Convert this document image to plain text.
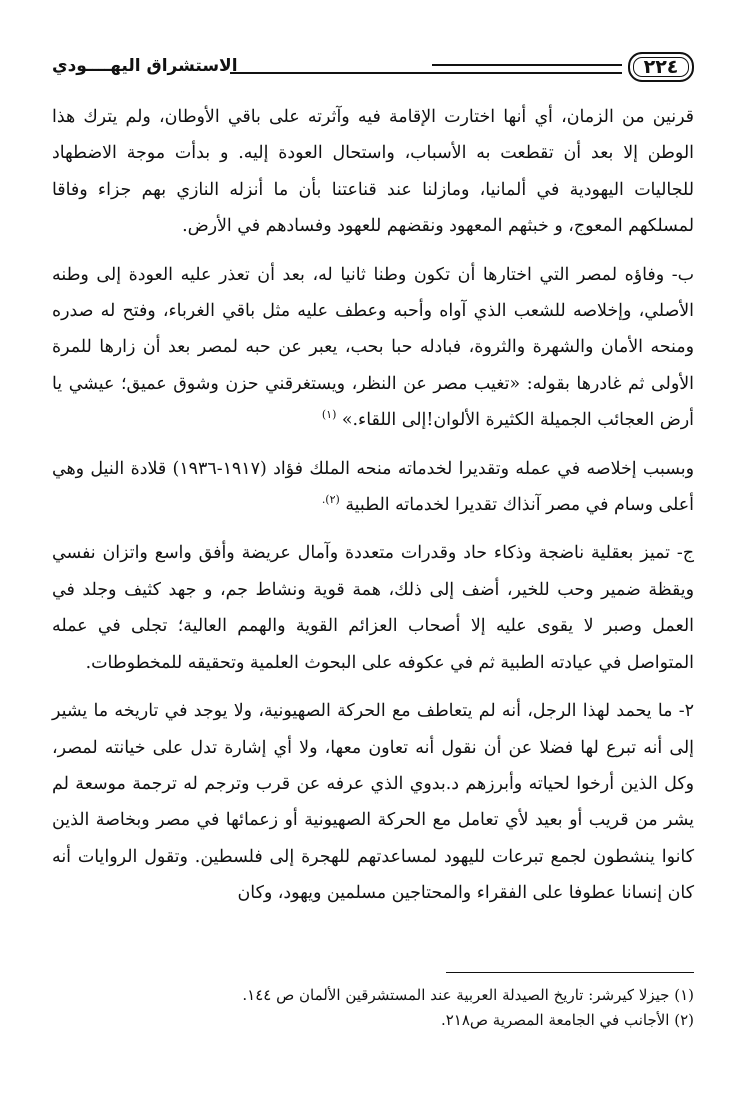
٢٢٤
الاستشراق اليهــــودي

قرنين من الزمان، أي أنها اختارت الإقامة فيه وآثرته على باقي الأوطان، ولم يترك هذا الوطن إلا بعد أن تقطعت به الأسباب، واستحال العودة إليه. و بدأت موجة الاضطهاد للجاليات اليهودية في ألمانيا، ومازلنا عند قناعتنا بأن ما أنزله النازي بهم جزاء وفاقا لمسلكهم المعوج، و خبثهم المعهود ونقضهم للعهود وفسادهم في الأرض.

ب- وفاؤه لمصر التي اختارها أن تكون وطنا ثانيا له، بعد أن تعذر عليه العودة إلى وطنه الأصلي، وإخلاصه للشعب الذي آواه وأحبه وعطف عليه مثل باقي الغرباء، وفتح له صدره ومنحه الأمان والشهرة والثروة، فبادله حبا بحب، يعبر عن حبه لمصر بعد أن زارها للمرة الأولى ثم غادرها بقوله: «تغيب مصر عن النظر، ويستغرقني حزن وشوق عميق؛ عيشي يا أرض العجائب الجميلة الكثيرة الألوان!إلى اللقاء.» $^{(١)}$

وبسبب إخلاصه في عمله وتقديرا لخدماته منحه الملك فؤاد (١٩١٧-١٩٣٦) قلادة النيل وهي أعلى وسام في مصر آنذاك تقديرا لخدماته الطبية $^{(٢).}$

ج- تميز بعقلية ناضجة وذكاء حاد وقدرات متعددة وآمال عريضة وأفق واسع واتزان نفسي ويقظة ضمير وحب للخير، أضف إلى ذلك، همة قوية ونشاط جم، و جهد كثيف وجلد في العمل وصبر لا يقوى عليه إلا أصحاب العزائم القوية والهمم العالية؛ تجلى في عمله المتواصل في عيادته الطبية ثم في عكوفه على البحوث العلمية وتحقيقه للمخطوطات.

٢- ما يحمد لهذا الرجل، أنه لم يتعاطف مع الحركة الصهيونية، ولا يوجد في تاريخه ما يشير إلى أنه تبرع لها فضلا عن أن نقول أنه تعاون معها، ولا أي إشارة تدل على خيانته لمصر، وكل الذين أرخوا لحياته وأبرزهم د.بدوي الذي عرفه عن قرب وترجم له ترجمة موسعة لم يشر من قريب أو بعيد لأي تعامل مع الحركة الصهيونية أو زعمائها في مصر وبخاصة الذين كانوا ينشطون لجمع تبرعات لليهود لمساعدتهم للهجرة إلى فلسطين. وتقول الروايات أنه كان إنسانا عطوفا على الفقراء والمحتاجين مسلمين ويهود، وكان

(١) جيزلا كيرشر: تاريخ الصيدلة العربية عند المستشرقين الألمان ص ١٤٤.

(٢) الأجانب في الجامعة المصرية ص٢١٨.
